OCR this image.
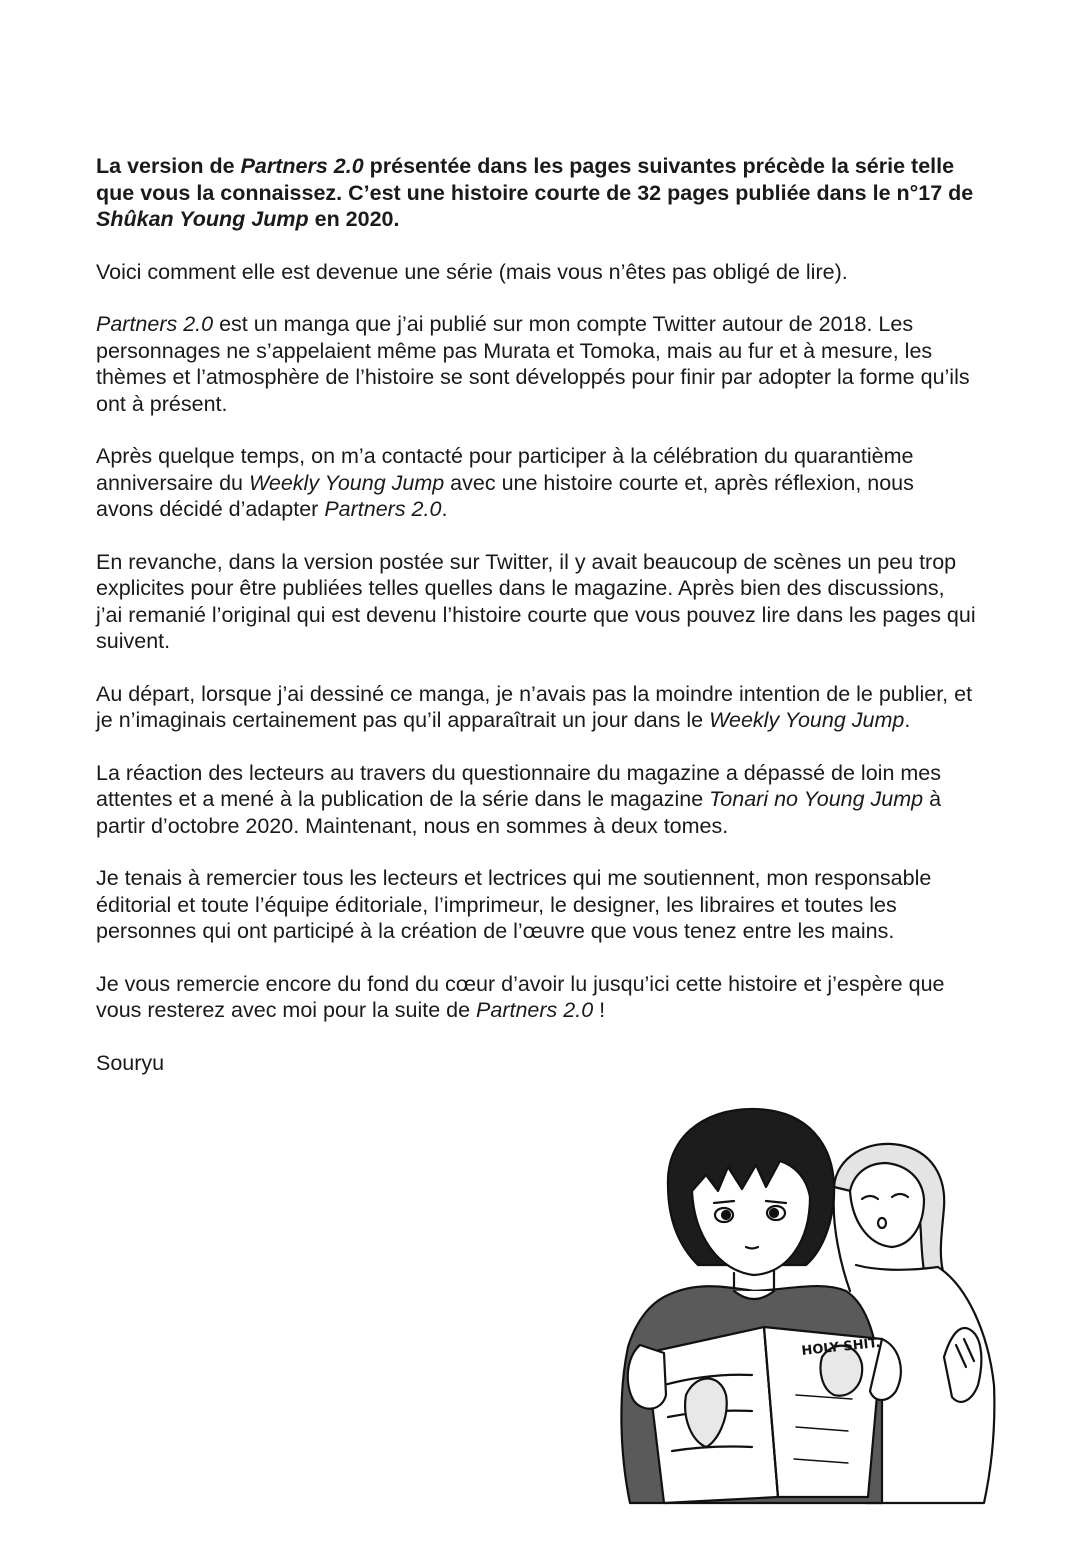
La version de Partners 2.0 présentée dans les pages suivantes précède la série telle que vous la connaissez. C’est une histoire courte de 32 pages publiée dans le n°17 de Shûkan Young Jump en 2020.

Voici comment elle est devenue une série (mais vous n’êtes pas obligé de lire).

Partners 2.0 est un manga que j’ai publié sur mon compte Twitter autour de 2018. Les personnages ne s’appelaient même pas Murata et Tomoka, mais au fur et à mesure, les thèmes et l’atmosphère de l’histoire se sont développés pour finir par adopter la forme qu’ils ont à présent.

Après quelque temps, on m’a contacté pour participer à la célébration du quarantième anniversaire du Weekly Young Jump avec une histoire courte et, après réflexion, nous avons décidé d’adapter Partners 2.0.

En revanche, dans la version postée sur Twitter, il y avait beaucoup de scènes un peu trop explicites pour être publiées telles quelles dans le magazine. Après bien des discussions, j’ai remanié l’original qui est devenu l’histoire courte que vous pouvez lire dans les pages qui suivent.

Au départ, lorsque j’ai dessiné ce manga, je n’avais pas la moindre intention de le publier, et je n’imaginais certainement pas qu’il apparaîtrait un jour dans le Weekly Young Jump.

La réaction des lecteurs au travers du questionnaire du magazine a dépassé de loin mes attentes et a mené à la publication de la série dans le magazine Tonari no Young Jump à partir d’octobre 2020. Maintenant, nous en sommes à deux tomes.

Je tenais à remercier tous les lecteurs et lectrices qui me soutiennent, mon responsable éditorial et toute l’équipe éditoriale, l’imprimeur, le designer, les libraires et toutes les personnes qui ont participé à la création de l’œuvre que vous tenez entre les mains.

Je vous remercie encore du fond du cœur d’avoir lu jusqu’ici cette histoire et j’espère que vous resterez avec moi pour la suite de Partners 2.0 !

Souryu

HOLY SHIT.
